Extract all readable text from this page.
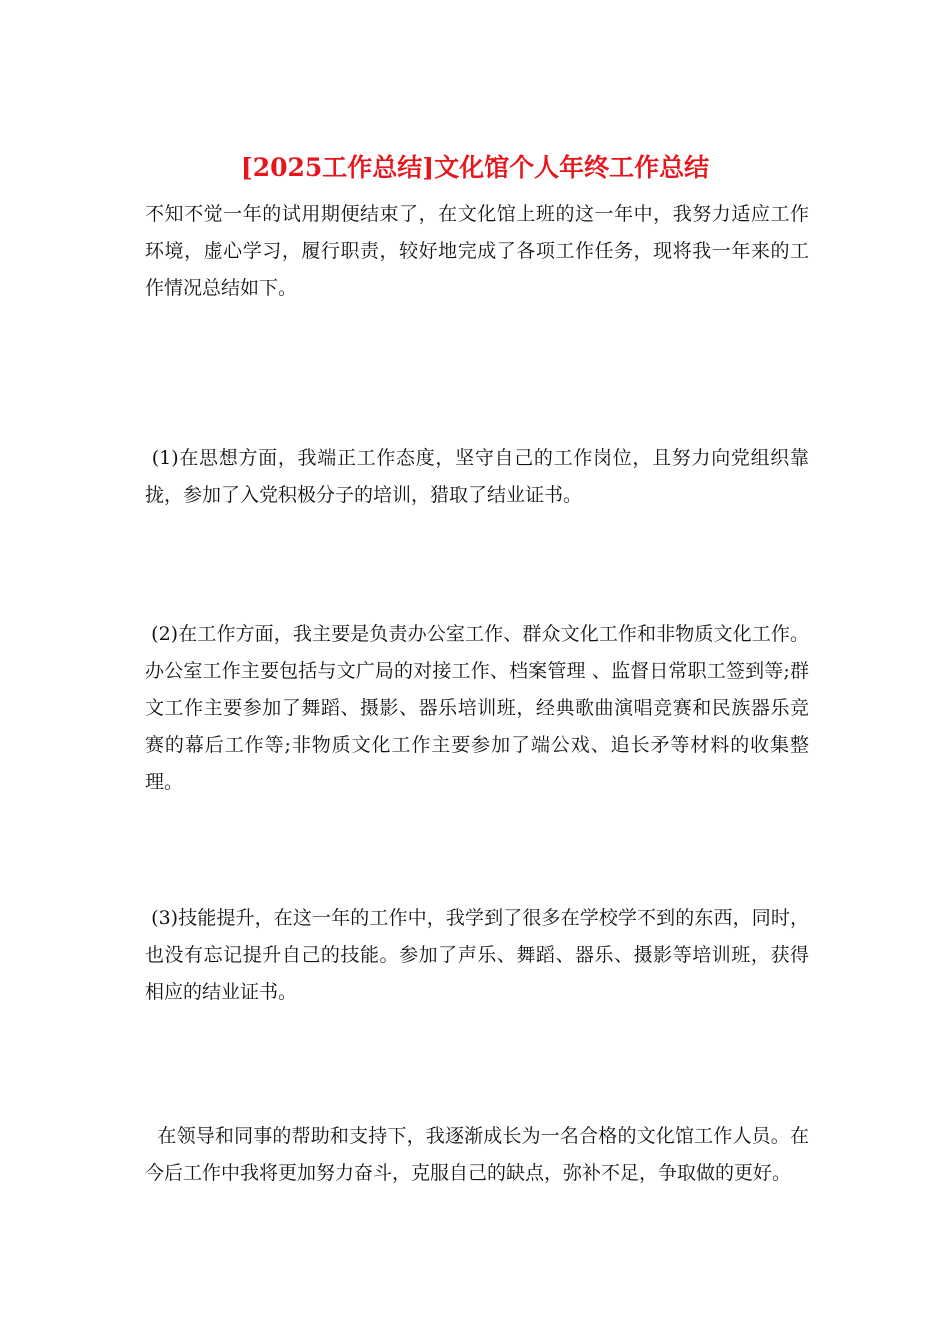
[2025工作总结]文化馆个人年终工作总结

不知不觉一年的试用期便结束了，在文化馆上班的这一年中，我努力适应工作环境，虚心学习，履行职责，较好地完成了各项工作任务，现将我一年来的工作情况总结如下。

(1)在思想方面，我端正工作态度，坚守自己的工作岗位，且努力向党组织靠拢，参加了入党积极分子的培训，猎取了结业证书。

(2)在工作方面，我主要是负责办公室工作、群众文化工作和非物质文化工作。办公室工作主要包括与文广局的对接工作、档案管理 、监督日常职工签到等;群文工作主要参加了舞蹈、摄影、器乐培训班，经典歌曲演唱竞赛和民族器乐竞赛的幕后工作等;非物质文化工作主要参加了端公戏、追长矛等材料的收集整理。

(3)技能提升，在这一年的工作中，我学到了很多在学校学不到的东西，同时，也没有忘记提升自己的技能。参加了声乐、舞蹈、器乐、摄影等培训班，获得相应的结业证书。

在领导和同事的帮助和支持下，我逐渐成长为一名合格的文化馆工作人员。在今后工作中我将更加努力奋斗，克服自己的缺点，弥补不足，争取做的更好。
